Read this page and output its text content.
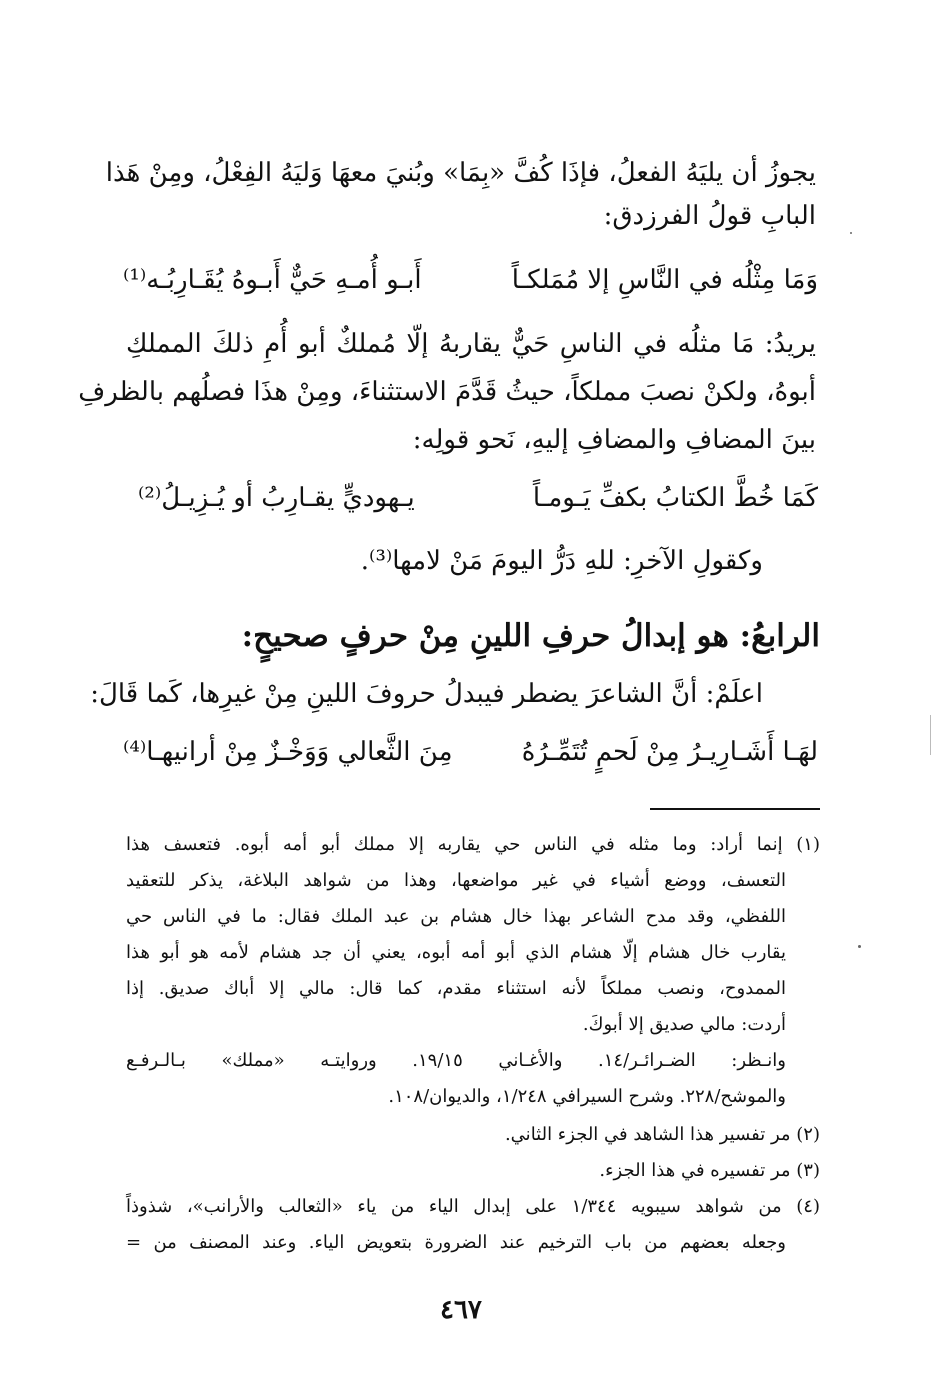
يجوزُ أن يليَهُ الفعلُ، فإذَا كُفَّ «بِمَا» وبُنيَ معهَا وَليَهُ الفِعْلُ، ومِنْ هَذا
البابِ قولُ الفرزدق:
وَمَا مِثْلُه في النَّاسِ إلا مُمَلكـاً
أَبـو أُمـهِ حَيٌّ أَبـوهُ يُقَـارِبُـه⁽¹⁾
يريدُ: مَا مثلُه في الناسِ حَيٌّ يقاربهُ إلّا مُملكٌ أبو أُمِ ذلكَ المملكِ
أبوهُ، ولكنْ نصبَ مملكاً، حيثُ قَدَّمَ الاستثناءَ، ومِنْ هذَا فصلُهم بالظرفِ
بينَ المضافِ والمضافِ إليهِ، نَحو قولِه:
كَمَا خُطَّ الكتابُ بكفِّ يَـومـاً
يـهوديٍّ يقـارِبُ أو يُـزِيـلُ⁽²⁾
وكقولِ الآخرِ: للهِ دَرُّ اليومَ مَنْ لامها⁽³⁾.
الرابعُ: هو إبدالُ حرفِ اللينِ مِنْ حرفٍ صحيحٍ:
اعلَمْ: أنَّ الشاعرَ يضطر فيبدلُ حروفَ اللينِ مِنْ غيرِها، كَما قَالَ:
لهَـا أَشَـارِيـرُ مِنْ لَحمٍ تُتَمِّـرُهُ
مِنَ الثَّعالي وَوَخْـزٌ مِنْ أرانيهـا⁽⁴⁾
(١) إنما أراد: وما مثله في الناس حي يقاربه إلا مملك أبو أمه أبوه. فتعسف هذا
التعسف، ووضع أشياء في غير مواضعها، وهذا من شواهد البلاغة، يذكر للتعقيد
اللفظي، وقد مدح الشاعر بهذا خال هشام بن عبد الملك فقال: ما في الناس حي
يقارب خال هشام إلّا هشام الذي أبو أمه أبوه، يعني أن جد هشام لأمه هو أبو هذا
الممدوح، ونصب مملكاً لأنه استثناء مقدم، كما قال: مالي إلا أباك صديق. إذا
أردت: مالي صديق إلا أبوكَ.
وانـظر: الضـرائـر/١٤. والأغـاني ١٩/١٥. وروايتـه «مملك» بـالـرفـع
والموشح/٢٢٨. وشرح السيرافي ١/٢٤٨، والديوان/١٠٨.
(٢) مر تفسير هذا الشاهد في الجزء الثاني.
(٣) مر تفسيره في هذا الجزء.
(٤) من شواهد سيبويه ١/٣٤٤ على إبدال الياء من ياء «الثعالب والأرانب»، شذوذاً
وجعله بعضهم من باب الترخيم عند الضرورة بتعويض الياء. وعند المصنف من =
٤٦٧
